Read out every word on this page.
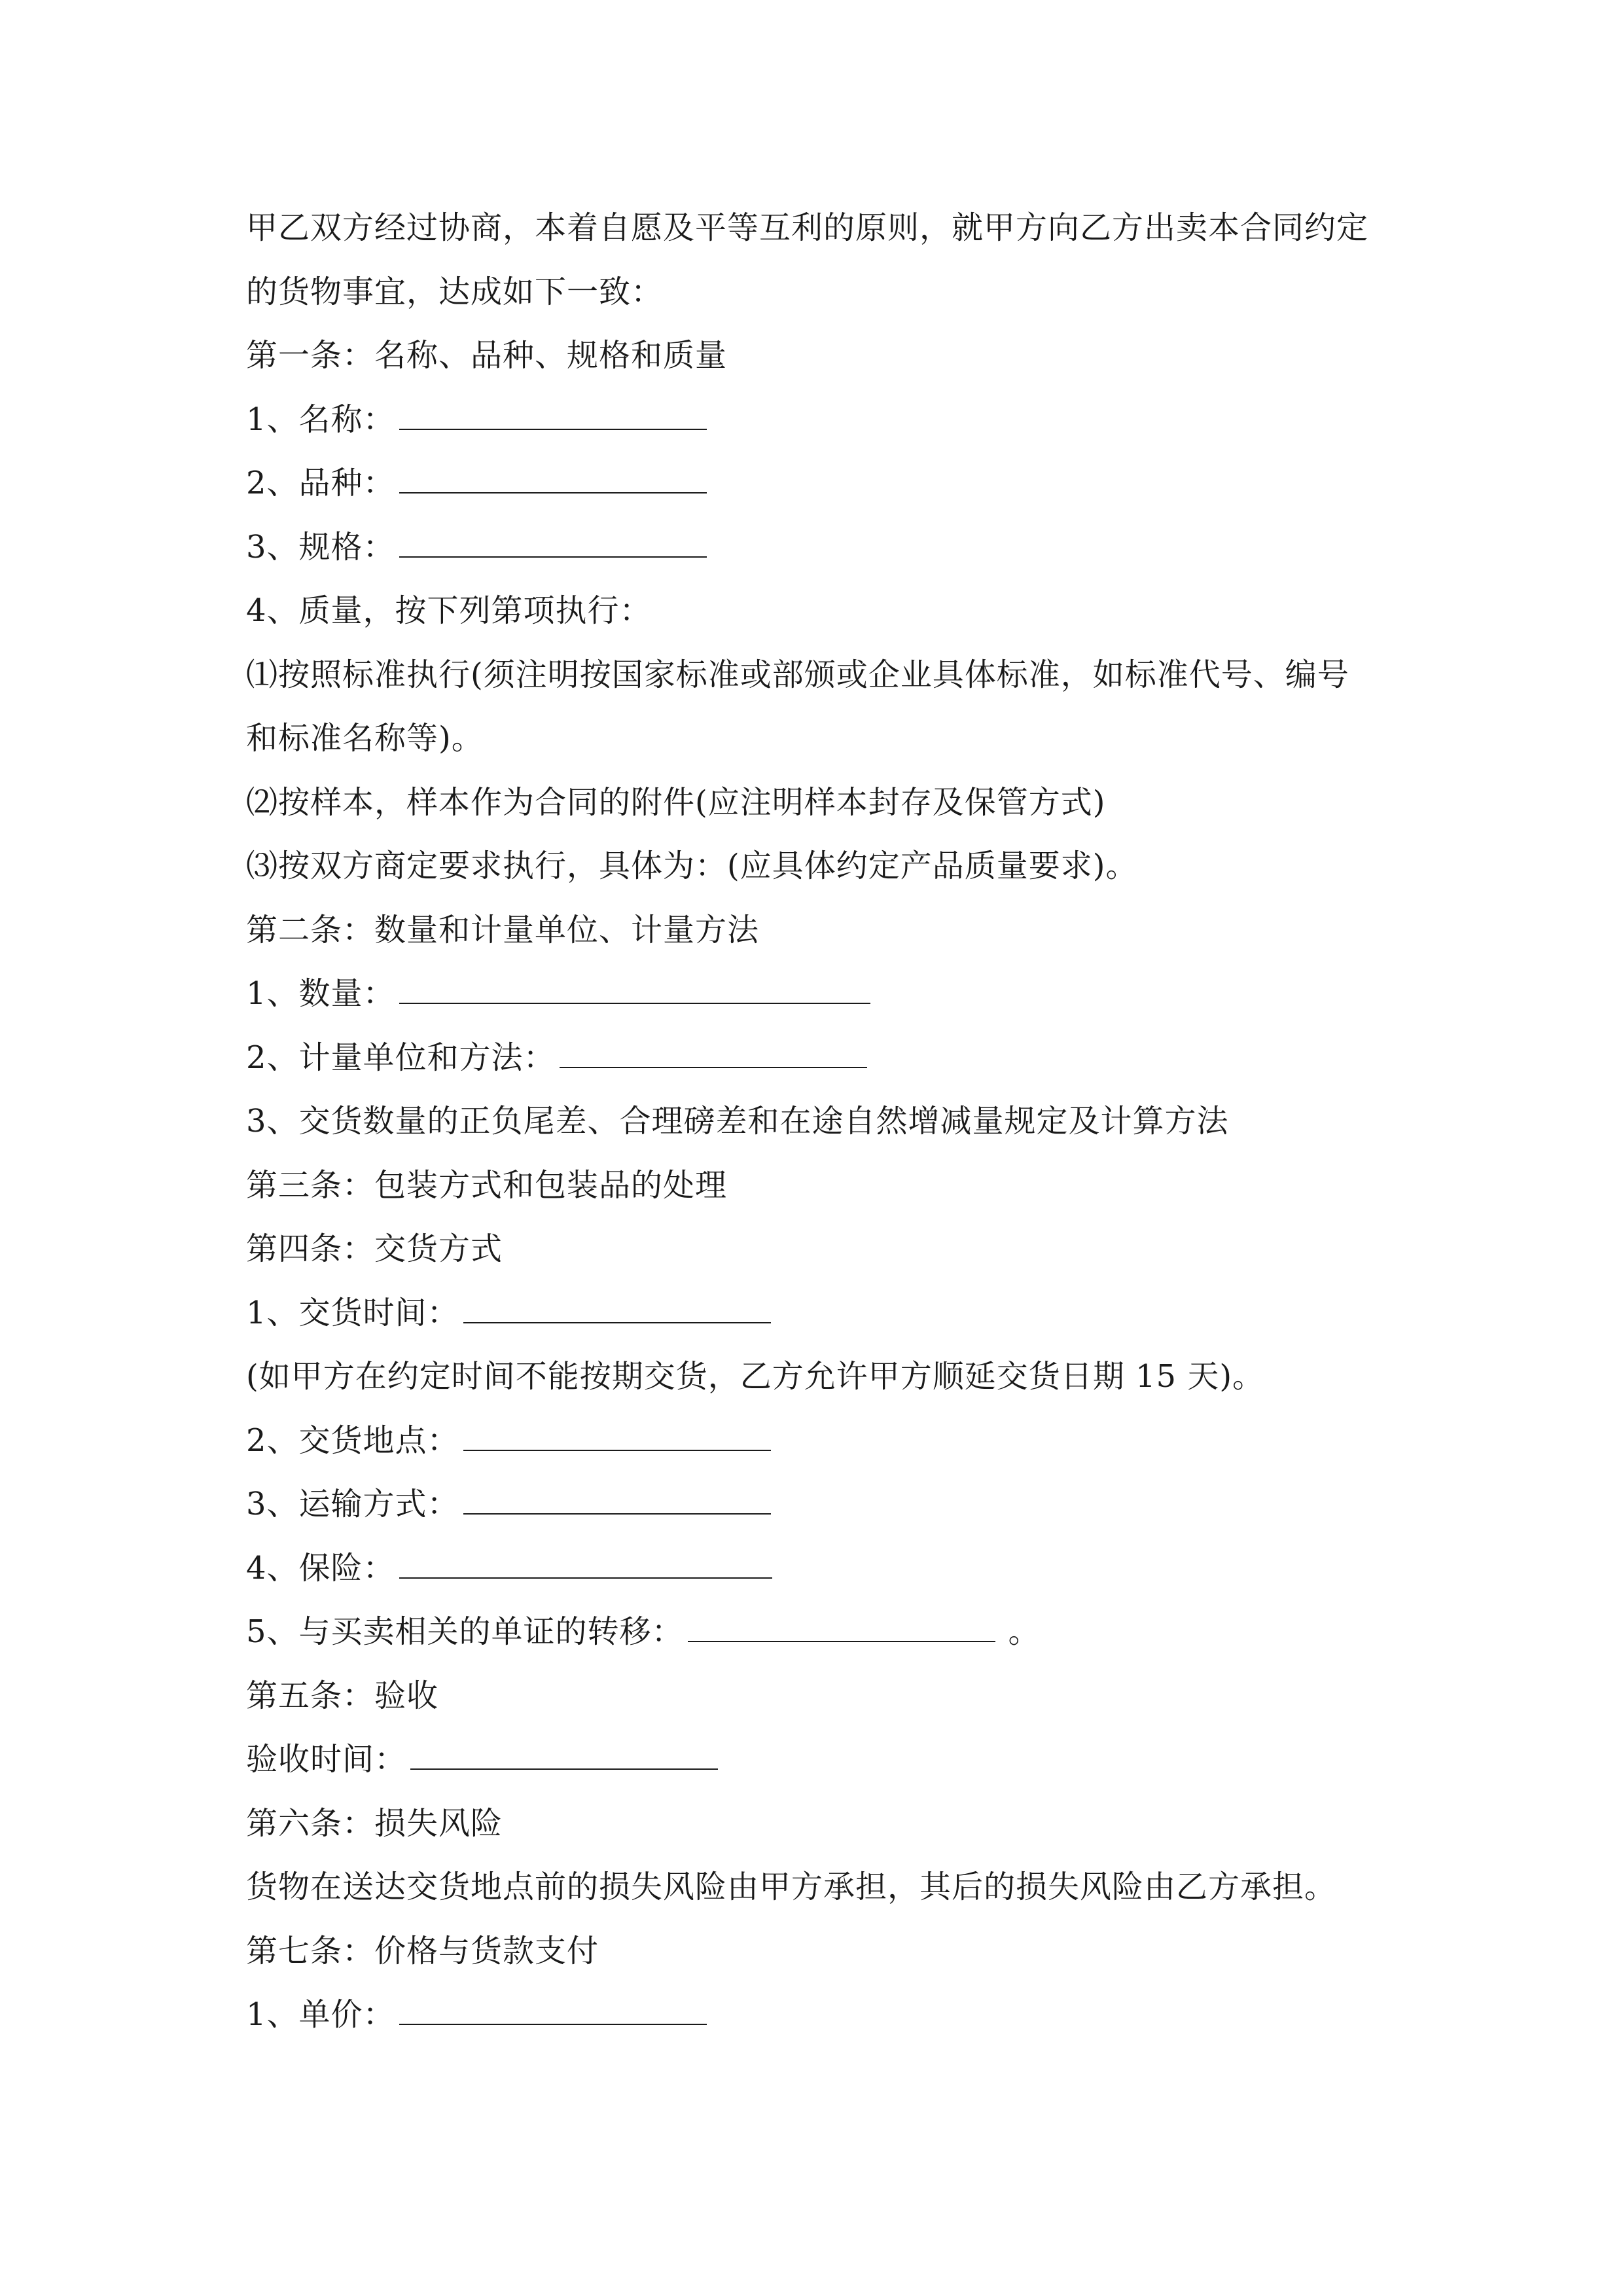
甲乙双方经过协商，本着自愿及平等互利的原则，就甲方向乙方出卖本合同约定
的货物事宜，达成如下一致：
第一条：名称、品种、规格和质量
1、名称：
2、品种：
3、规格：
4、质量，按下列第项执行：
⑴按照标准执行(须注明按国家标准或部颁或企业具体标准，如标准代号、编号
和标准名称等)。
⑵按样本，样本作为合同的附件(应注明样本封存及保管方式)
⑶按双方商定要求执行，具体为：(应具体约定产品质量要求)。
第二条：数量和计量单位、计量方法
1、数量：
2、计量单位和方法：
3、交货数量的正负尾差、合理磅差和在途自然增减量规定及计算方法
第三条：包装方式和包装品的处理
第四条：交货方式
1、交货时间：
(如甲方在约定时间不能按期交货，乙方允许甲方顺延交货日期 15 天)。
2、交货地点：
3、运输方式：
4、保险：
5、与买卖相关的单证的转移：	。
第五条：验收
验收时间：
第六条：损失风险
货物在送达交货地点前的损失风险由甲方承担，其后的损失风险由乙方承担。
第七条：价格与货款支付
1、单价：
